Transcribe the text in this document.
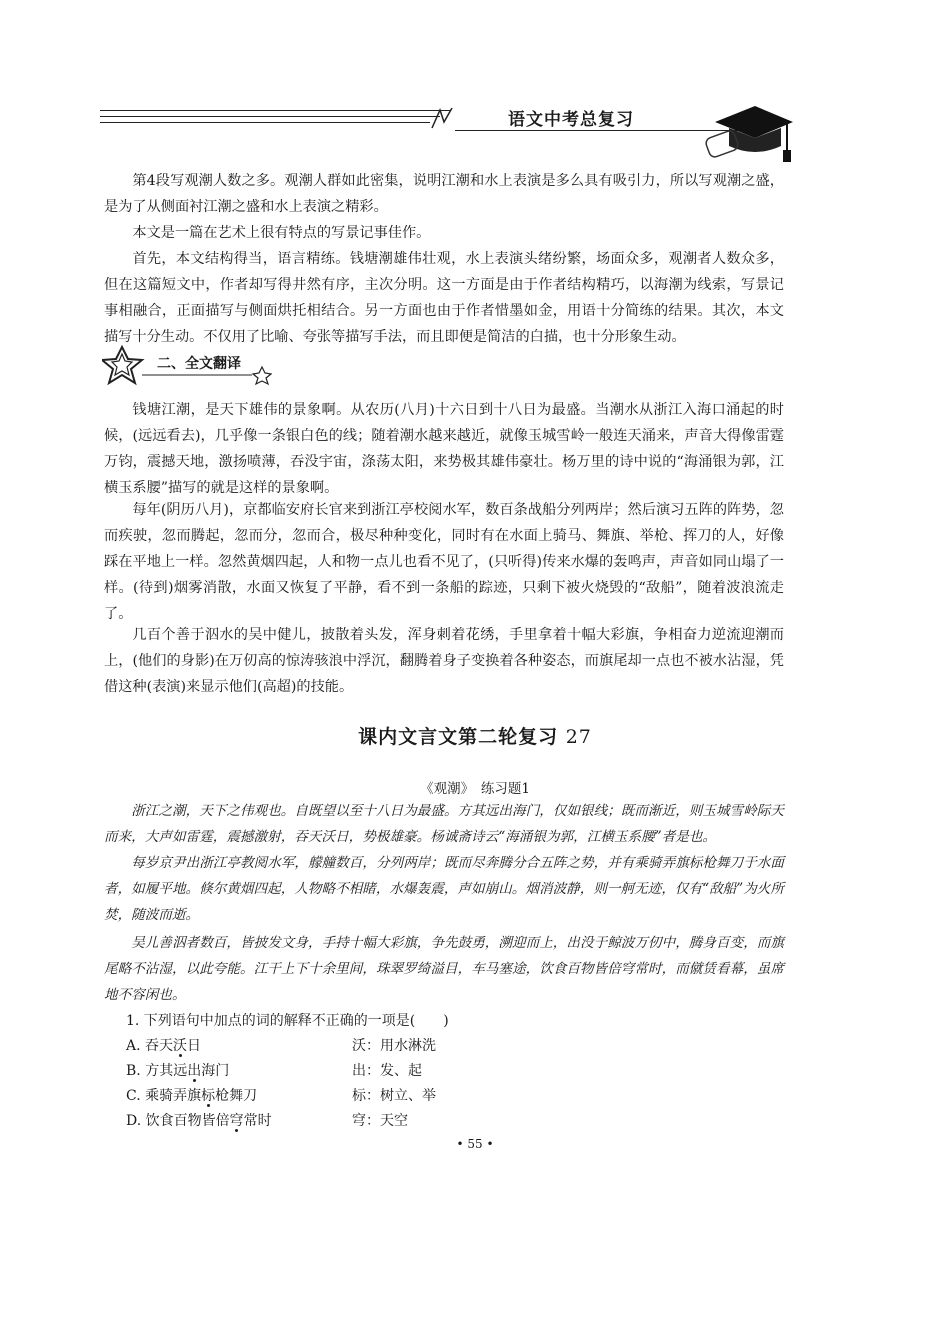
语文中考总复习

第4段写观潮人数之多。观潮人群如此密集，说明江潮和水上表演是多么具有吸引力，所以写观潮之盛，是为了从侧面衬江潮之盛和水上表演之精彩。

本文是一篇在艺术上很有特点的写景记事佳作。

首先，本文结构得当，语言精练。钱塘潮雄伟壮观，水上表演头绪纷繁，场面众多，观潮者人数众多，但在这篇短文中，作者却写得井然有序，主次分明。这一方面是由于作者结构精巧，以海潮为线索，写景记事相融合，正面描写与侧面烘托相结合。另一方面也由于作者惜墨如金，用语十分简练的结果。其次，本文描写十分生动。不仅用了比喻、夸张等描写手法，而且即便是简洁的白描，也十分形象生动。

二、全文翻译

钱塘江潮，是天下雄伟的景象啊。从农历(八月)十六日到十八日为最盛。当潮水从浙江入海口涌起的时候，(远远看去)，几乎像一条银白色的线；随着潮水越来越近，就像玉城雪岭一般连天涌来，声音大得像雷霆万钧，震撼天地，激扬喷薄，吞没宇宙，涤荡太阳，来势极其雄伟豪壮。杨万里的诗中说的“海涌银为郭，江横玉系腰”描写的就是这样的景象啊。

每年(阴历八月)，京都临安府长官来到浙江亭校阅水军，数百条战船分列两岸；然后演习五阵的阵势，忽而疾驶，忽而腾起，忽而分，忽而合，极尽种种变化，同时有在水面上骑马、舞旗、举枪、挥刀的人，好像踩在平地上一样。忽然黄烟四起，人和物一点儿也看不见了，(只听得)传来水爆的轰鸣声，声音如同山塌了一样。(待到)烟雾消散，水面又恢复了平静，看不到一条船的踪迹，只剩下被火烧毁的“敌船”，随着波浪流走了。

几百个善于泅水的吴中健儿，披散着头发，浑身刺着花绣，手里拿着十幅大彩旗，争相奋力逆流迎潮而上，(他们的身影)在万仞高的惊涛骇浪中浮沉，翻腾着身子变换着各种姿态，而旗尾却一点也不被水沾湿，凭借这种(表演)来显示他们(高超)的技能。

课内文言文第二轮复习 27
《观潮》　练习题1

浙江之潮，天下之伟观也。自既望以至十八日为最盛。方其远出海门，仅如银线；既而渐近，则玉城雪岭际天而来，大声如雷霆，震撼激射，吞天沃日，势极雄豪。杨诚斋诗云“海涌银为郭，江横玉系腰”者是也。

每岁京尹出浙江亭教阅水军，艨艟数百，分列两岸；既而尽奔腾分合五阵之势，并有乘骑弄旗标枪舞刀于水面者，如履平地。倏尔黄烟四起，人物略不相睹，水爆轰震，声如崩山。烟消波静，则一舸无迹，仅有“敌船”为火所焚，随波而逝。

吴儿善泅者数百，皆披发文身，手持十幅大彩旗，争先鼓勇，溯迎而上，出没于鲸波万仞中，腾身百变，而旗尾略不沾湿，以此夸能。江干上下十余里间，珠翠罗绮溢目，车马塞途，饮食百物皆倍穹常时，而僦赁看幕，虽席地不容闲也。

1. 下列语句中加点的词的解释不正确的一项是(　　)
A. 吞天沃日	沃：用水淋洗
B. 方其远出海门	出：发、起
C. 乘骑弄旗标枪舞刀	标：树立、举
D. 饮食百物皆倍穹常时	穹：天空
• 55 •
